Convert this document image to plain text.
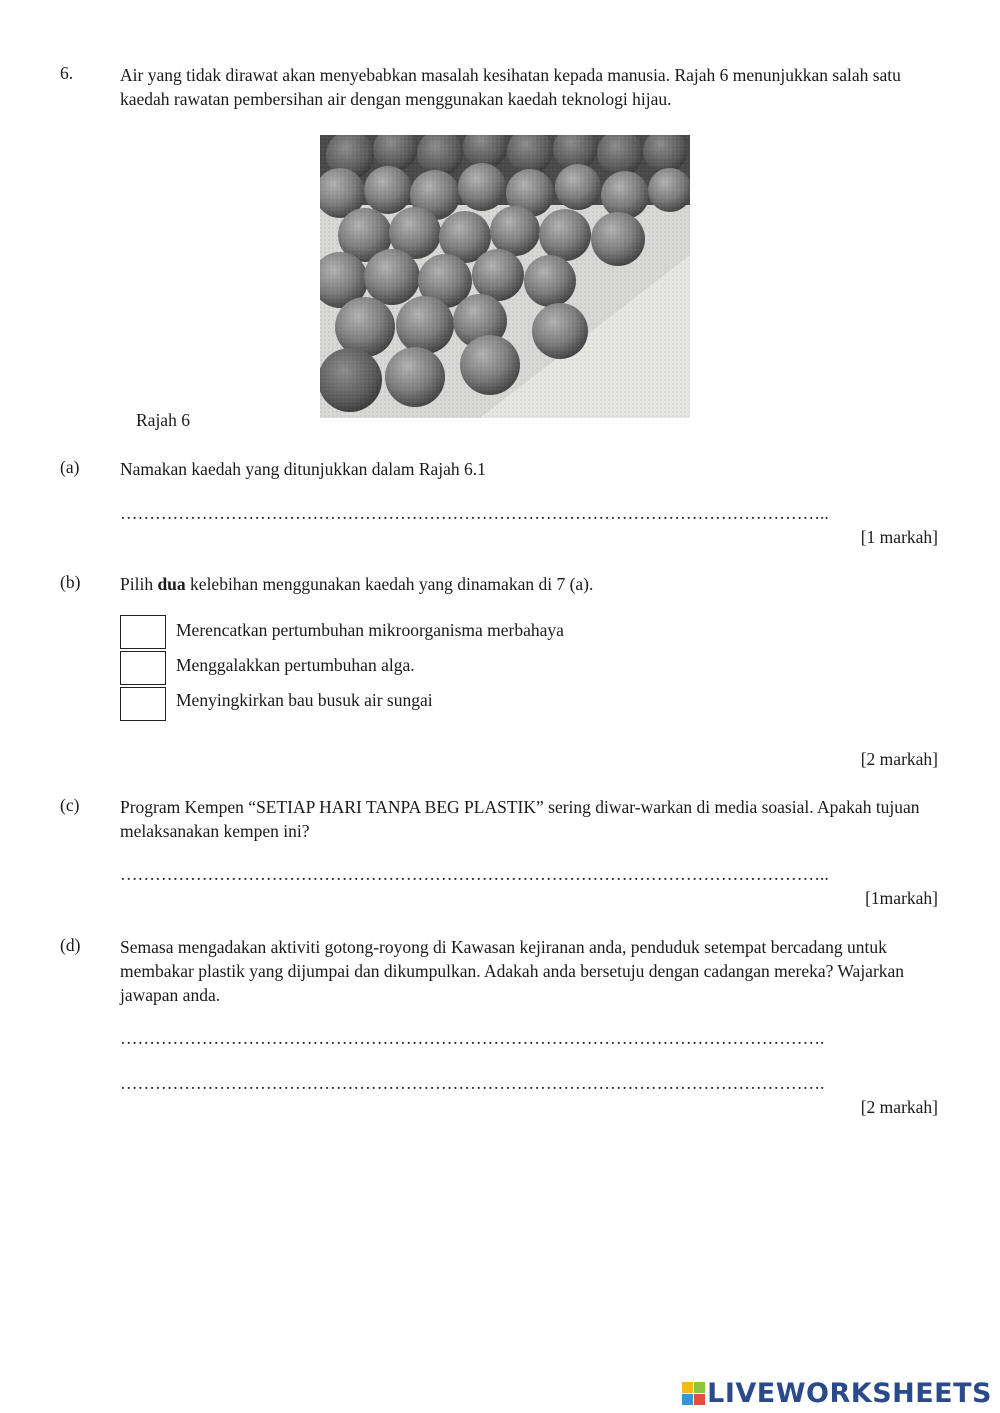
6.	Air yang tidak dirawat akan menyebabkan masalah kesihatan kepada manusia. Rajah 6 menunjukkan salah satu kaedah rawatan pembersihan air dengan menggunakan kaedah teknologi hijau.
Rajah 6
(a) Namakan kaedah yang ditunjukkan dalam Rajah 6.1
…………………………………………………………………………………………………………..
[1 markah]
(b) Pilih dua kelebihan menggunakan kaedah yang dinamakan di 7 (a).
Merencatkan pertumbuhan mikroorganisma merbahaya
Menggalakkan pertumbuhan alga.
Menyingkirkan bau busuk air sungai
[2 markah]
(c) Program Kempen “SETIAP HARI TANPA BEG PLASTIK” sering diwar-warkan di media soasial. Apakah tujuan melaksanakan kempen ini?
…………………………………………………………………………………………………………..
[1markah]
(d) Semasa mengadakan aktiviti gotong-royong di Kawasan kejiranan anda, penduduk setempat bercadang untuk membakar plastik yang dijumpai dan dikumpulkan. Adakah anda bersetuju dengan cadangan mereka? Wajarkan jawapan anda.
………………………………………………………………………………………………………….
………………………………………………………………………………………………………….
[2 markah]
LIVEWORKSHEETS
